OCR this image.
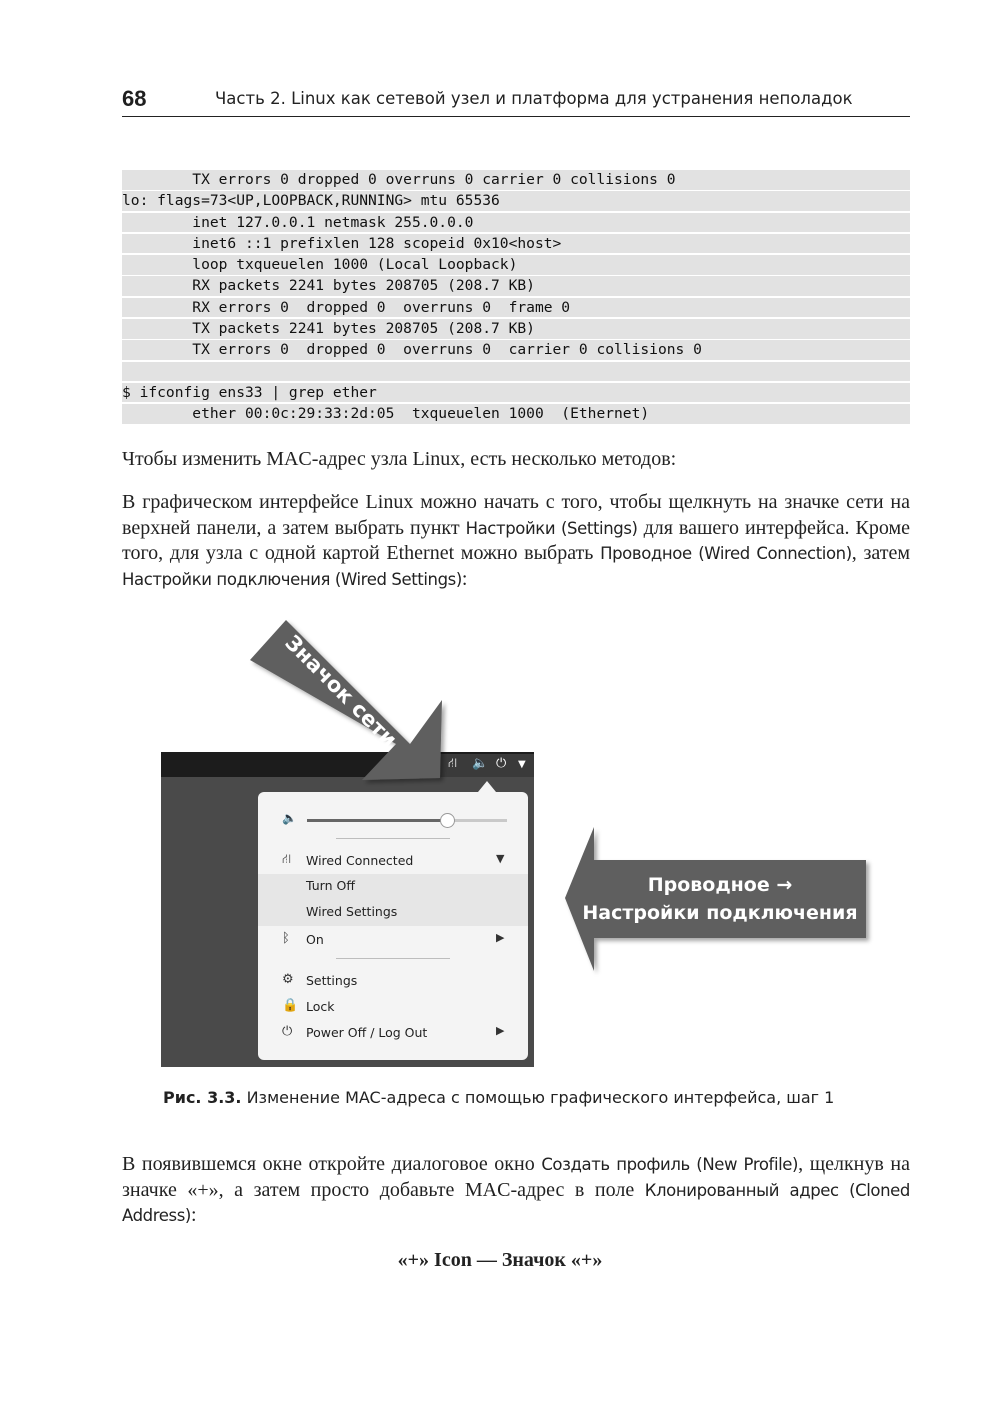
68	Часть 2. Linux как сетевой узел и платформа для устранения неполадок
TX errors 0 dropped 0 overruns 0 carrier 0 collisions 0
lo: flags=73<UP,LOOPBACK,RUNNING> mtu 65536
inet 127.0.0.1 netmask 255.0.0.0
inet6 ::1 prefixlen 128 scopeid 0x10<host>
loop txqueuelen 1000 (Local Loopback)
RX packets 2241 bytes 208705 (208.7 KB)
RX errors 0  dropped 0  overruns 0  frame 0
TX packets 2241 bytes 208705 (208.7 KB)
TX errors 0  dropped 0  overruns 0  carrier 0 collisions 0
$ ifconfig ens33 | grep ether
ether 00:0c:29:33:2d:05  txqueuelen 1000  (Ethernet)

Чтобы изменить MAC-адрес узла Linux, есть несколько методов:

В графическом интерфейсе Linux можно начать с того, чтобы щелкнуть на значке сети на верхней панели, а затем выбрать пункт Настройки (Settings) для вашего интерфейса. Кроме того, для узла с одной картой Ethernet можно выбрать Проводное (Wired Connection), затем Настройки подключения (Wired Settings):

⛙ 🔈 ⏻ ▼
🔈
⛙ Wired Connected	▼
Turn Off
Wired Settings
ᛒ On	▶
⚙ Settings
🔒 Lock
⏻ Power Off / Log Out	▶
Значок сети
Проводное →
Настройки подключения
Рис. 3.3. Изменение MAC-адреса с помощью графического интерфейса, шаг 1

В появившемся окне откройте диалоговое окно Создать профиль (New Profile), щелкнув на значке «+», а затем просто добавьте MAC-адрес в поле Клонированный адрес (Cloned Address):

«+» Icon — Значок «+»
